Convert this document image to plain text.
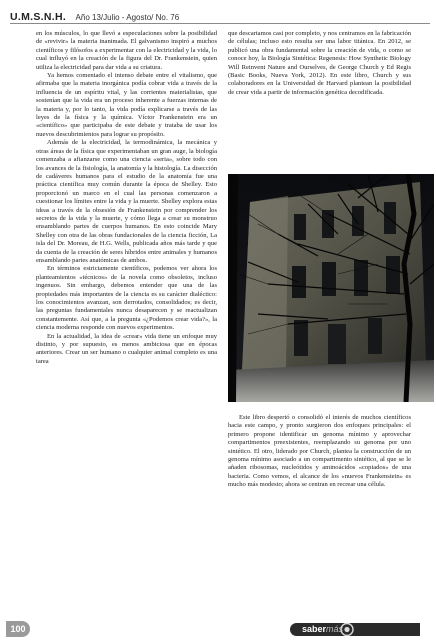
U.M.S.N.H. Año 13/Julio - Agosto/ No. 76

en los músculos, lo que llevó a especulaciones sobre la posibilidad de «revivir» la materia inanimada. El galvanismo inspiró a muchos científicos y filósofos a experimentar con la electricidad y la vida, lo cual influyó en la creación de la figura del Dr. Frankenstein, quien utiliza la electricidad para dar vida a su criatura.

Ya hemos comentado el intenso debate entre el vitalismo, que afirmaba que la materia inorgánica podía cobrar vida a través de la influencia de un espíritu vital, y las corrientes materialistas, que sostenían que la vida era un proceso inherente a fuerzas internas de la materia y, por lo tanto, la vida podía explicarse a través de las leyes de la física y la química. Víctor Frankenstein era un «científico» que participaba de este debate y trataba de usar los nuevos descubrimientos para lograr su propósito.

Además de la electricidad, la termodinámica, la mecánica y otras áreas de la física que experimentaban un gran auge, la biología comenzaba a afianzarse como una ciencia «seria», sobre todo con los avances de la fisiología, la anatomía y la histología. La disección de cadáveres humanos para el estudio de la anatomía fue una práctica científica muy común durante la época de Shelley. Esto proporcionó un marco en el cual las personas comenzaron a cuestionar los límites entre la vida y la muerte. Shelley explora estas ideas a través de la obsesión de Frankenstein por comprender los secretos de la vida y la muerte, y cómo llega a crear su monstruo ensamblando partes de cuerpos humanos. En esto coincide Mary Shelley con otra de las obras fundacionales de la ciencia ficción, La isla del Dr. Moreau, de H.G. Wells, publicada años más tarde y que da cuenta de la creación de seres híbridos entre animales y humanos ensamblando partes anatómicas de ambos.

En términos estrictamente científicos, podemos ver ahora los planteamientos «técnicos» de la novela como obsoletos, incluso ingenuos. Sin embargo, debemos entender que una de las propiedades más importantes de la ciencia es su carácter dialéctico: los conocimientos avanzan, son derrotados, consolidados; es decir, las preguntas fundamentales nunca desaparecen y se reactualizan constantemente. Así que, a la pregunta «¿Podemos crear vida?», la ciencia moderna responde con nuevos experimentos.

En la actualidad, la idea de «crear» vida tiene un enfoque muy distinto, y por supuesto, es menos ambiciosa que en épocas anteriores. Crear un ser humano o cualquier animal completo es una tarea

que descartamos casi por completo, y nos centramos en la fabricación de células; incluso esto resulta ser una labor titánica. En 2012, se publicó una obra fundamental sobre la creación de vida, o como se conoce hoy, la Biología Sintética: Regenesis: How Synthetic Biology Will Reinvent Nature and Ourselves, de George Church y Ed Regis (Basic Books, Nueva York, 2012). En este libro, Church y sus colaboradores en la Universidad de Harvard plantean la posibilidad de crear vida a partir de información genética decodificada.

Este libro despertó o consolidó el interés de muchos científicos hacia este campo, y pronto surgieron dos enfoques principales: el primero propone identificar un genoma mínimo y aprovechar compartimentos preexistentes, reemplazando su genoma por uno sintético. El otro, liderado por Church, plantea la construcción de un genoma mínimo asociado a un compartimento sintético, al que se le añaden ribosomas, nucleótidos y aminoácidos «copiados» de una bacteria. Como vemos, el alcance de los «nuevos Frankenstein» es mucho más modesto; ahora se centran en recrear una célula.

100	sabermás
